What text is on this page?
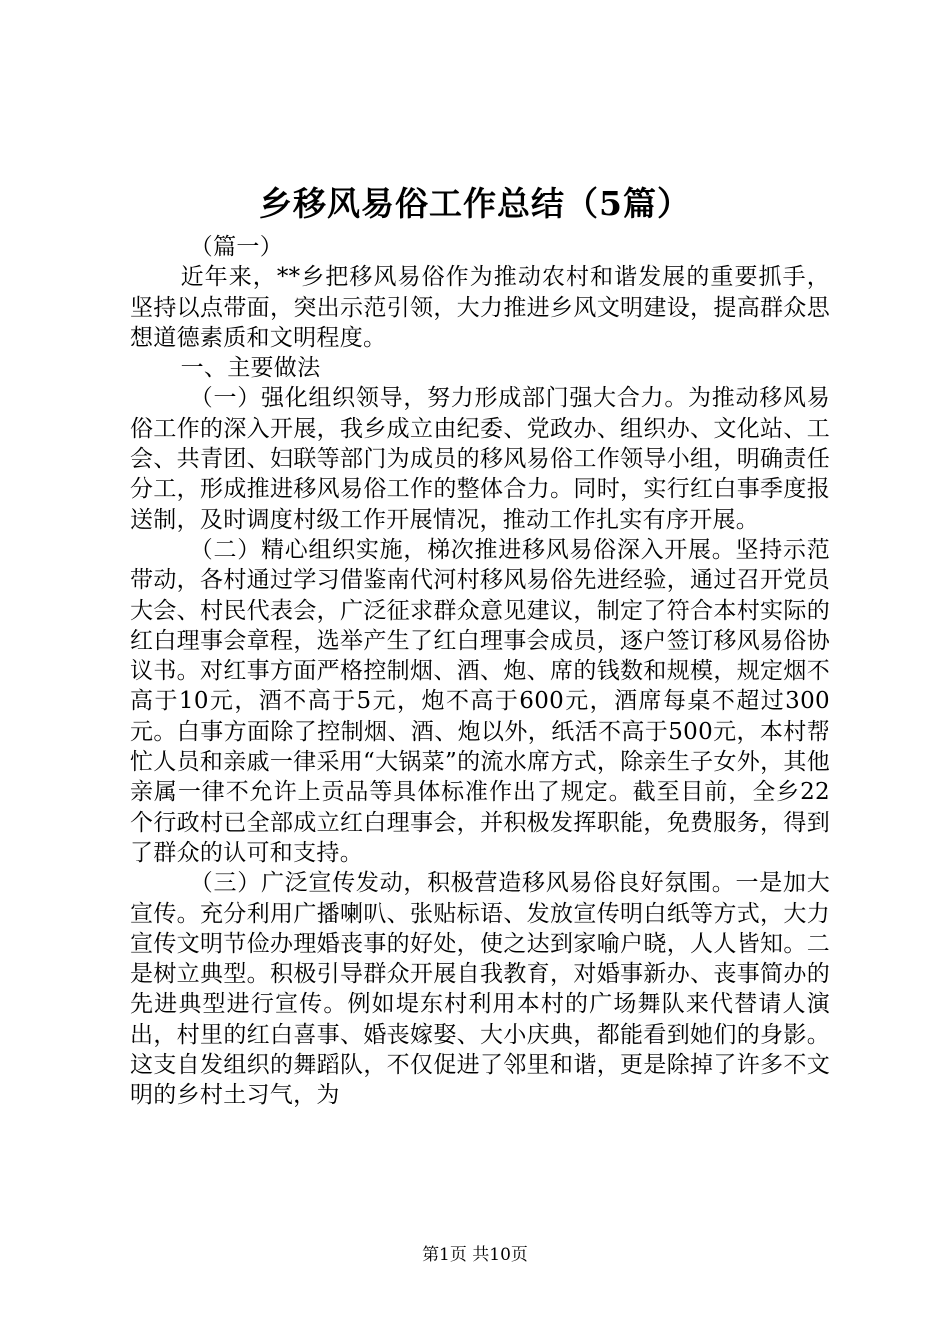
乡移风易俗工作总结（5篇）

（篇一）

近年来，**乡把移风易俗作为推动农村和谐发展的重要抓手，坚持以点带面，突出示范引领，大力推进乡风文明建设，提高群众思想道德素质和文明程度。

一、主要做法

（一）强化组织领导，努力形成部门强大合力。为推动移风易俗工作的深入开展，我乡成立由纪委、党政办、组织办、文化站、工会、共青团、妇联等部门为成员的移风易俗工作领导小组，明确责任分工，形成推进移风易俗工作的整体合力。同时，实行红白事季度报送制，及时调度村级工作开展情况，推动工作扎实有序开展。

（二）精心组织实施，梯次推进移风易俗深入开展。坚持示范带动，各村通过学习借鉴南代河村移风易俗先进经验，通过召开党员大会、村民代表会，广泛征求群众意见建议，制定了符合本村实际的红白理事会章程，选举产生了红白理事会成员，逐户签订移风易俗协议书。对红事方面严格控制烟、酒、炮、席的钱数和规模，规定烟不高于10元，酒不高于5元，炮不高于600元，酒席每桌不超过300元。白事方面除了控制烟、酒、炮以外，纸活不高于500元，本村帮忙人员和亲戚一律采用“大锅菜”的流水席方式，除亲生子女外，其他亲属一律不允许上贡品等具体标准作出了规定。截至目前，全乡22个行政村已全部成立红白理事会，并积极发挥职能，免费服务，得到了群众的认可和支持。

（三）广泛宣传发动，积极营造移风易俗良好氛围。一是加大宣传。充分利用广播喇叭、张贴标语、发放宣传明白纸等方式，大力宣传文明节俭办理婚丧事的好处，使之达到家喻户晓，人人皆知。二是树立典型。积极引导群众开展自我教育，对婚事新办、丧事简办的先进典型进行宣传。例如堤东村利用本村的广场舞队来代替请人演出，村里的红白喜事、婚丧嫁娶、大小庆典，都能看到她们的身影。这支自发组织的舞蹈队，不仅促进了邻里和谐，更是除掉了许多不文明的乡村土习气，为

第1页 共10页
